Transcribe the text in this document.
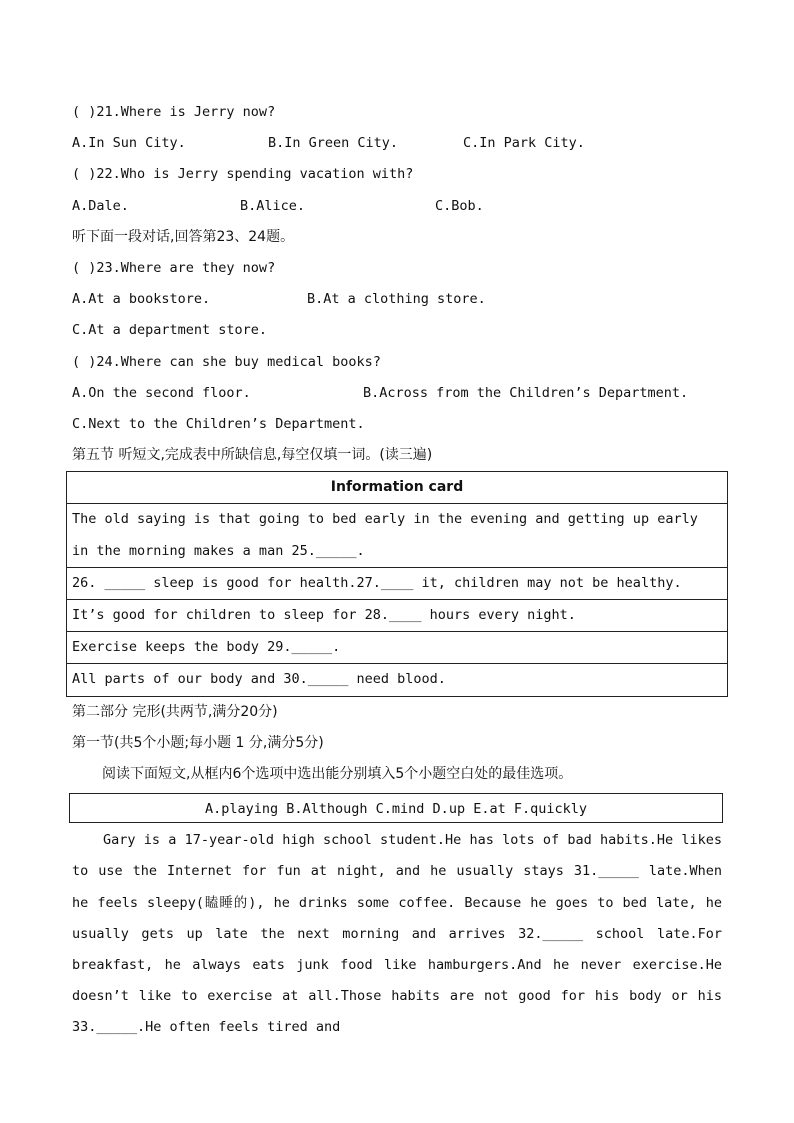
( )21.Where is Jerry now?
A.In Sun City.	B.In Green City.	C.In Park City.
( )22.Who is Jerry spending vacation with?
A.Dale.	B.Alice.	C.Bob.
听下面一段对话,回答第23、24题。
( )23.Where are they now?
A.At a bookstore.	B.At a clothing store.
C.At a department store.
( )24.Where can she buy medical books?
A.On the second floor.	B.Across from the Children’s Department.
C.Next to the Children’s Department.
第五节 听短文,完成表中所缺信息,每空仅填一词。(读三遍)
Information card
The old saying is that going to bed early in the evening and getting up early in the morning makes a man 25._____.
26. _____ sleep is good for health.27.____ it, children may not be healthy.
It’s good for children to sleep for 28.____ hours every night.
Exercise keeps the body 29._____.
All parts of our body and 30._____ need blood.
第二部分 完形(共两节,满分20分)
第一节(共5个小题;每小题 1 分,满分5分)
阅读下面短文,从框内6个选项中选出能分别填入5个小题空白处的最佳选项。
A.playing B.Although C.mind D.up E.at F.quickly
Gary is a 17-year-old high school student.He has lots of bad habits.He likes to use the Internet for fun at night, and he usually stays 31._____ late.When he feels sleepy(瞌睡的), he drinks some coffee. Because he goes to bed late, he usually gets up late the next morning and arrives 32._____ school late.For breakfast, he always eats junk food like hamburgers.And he never exercise.He doesn’t like to exercise at all.Those habits are not good for his body or his 33._____.He often feels tired and
